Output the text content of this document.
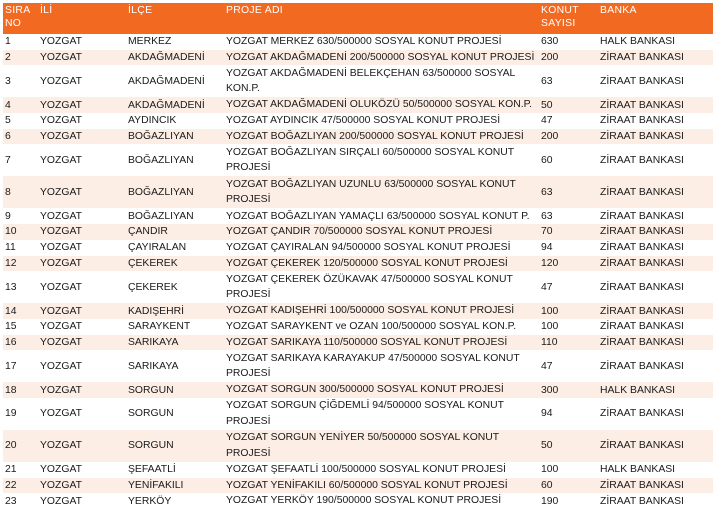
SIRA NO	İLİ	İLÇE	PROJE ADI	KONUT SAYISI	BANKA
1	YOZGAT	MERKEZ	YOZGAT MERKEZ 630/500000 SOSYAL KONUT PROJESİ	630	HALK BANKASI
2	YOZGAT	AKDAĞMADENİ	YOZGAT AKDAĞMADENİ 200/500000 SOSYAL KONUT PROJESİ	200	ZİRAAT BANKASI
3	YOZGAT	AKDAĞMADENİ	YOZGAT AKDAĞMADENİ BELEKÇEHAN 63/500000 SOSYAL KON.P.	63	ZİRAAT BANKASI
4	YOZGAT	AKDAĞMADENİ	YOZGAT AKDAĞMADENİ OLUKÖZÜ 50/500000 SOSYAL KON.P.	50	ZİRAAT BANKASI
5	YOZGAT	AYDINCIK	YOZGAT AYDINCIK 47/500000 SOSYAL KONUT PROJESİ	47	ZİRAAT BANKASI
6	YOZGAT	BOĞAZLIYAN	YOZGAT BOĞAZLIYAN 200/500000 SOSYAL KONUT PROJESİ	200	ZİRAAT BANKASI
7	YOZGAT	BOĞAZLIYAN	YOZGAT BOĞAZLIYAN SIRÇALI 60/500000 SOSYAL KONUT PROJESİ	60	ZİRAAT BANKASI
8	YOZGAT	BOĞAZLIYAN	YOZGAT BOĞAZLIYAN UZUNLU 63/500000 SOSYAL KONUT PROJESİ	63	ZİRAAT BANKASI
9	YOZGAT	BOĞAZLIYAN	YOZGAT BOĞAZLIYAN YAMAÇLI 63/500000 SOSYAL KONUT P.	63	ZİRAAT BANKASI
10	YOZGAT	ÇANDIR	YOZGAT ÇANDIR 70/500000 SOSYAL KONUT PROJESİ	70	ZİRAAT BANKASI
11	YOZGAT	ÇAYIRALAN	YOZGAT ÇAYIRALAN 94/500000 SOSYAL KONUT PROJESİ	94	ZİRAAT BANKASI
12	YOZGAT	ÇEKEREK	YOZGAT ÇEKEREK 120/500000 SOSYAL KONUT PROJESİ	120	ZİRAAT BANKASI
13	YOZGAT	ÇEKEREK	YOZGAT ÇEKEREK ÖZÜKAVAK 47/500000 SOSYAL KONUT PROJESİ	47	ZİRAAT BANKASI
14	YOZGAT	KADIŞEHRİ	YOZGAT KADIŞEHRİ 100/500000 SOSYAL KONUT PROJESİ	100	ZİRAAT BANKASI
15	YOZGAT	SARAYKENT	YOZGAT SARAYKENT ve OZAN 100/500000 SOSYAL KON.P.	100	ZİRAAT BANKASI
16	YOZGAT	SARIKAYA	YOZGAT SARIKAYA 110/500000 SOSYAL KONUT PROJESİ	110	ZİRAAT BANKASI
17	YOZGAT	SARIKAYA	YOZGAT SARIKAYA KARAYAKUP 47/500000 SOSYAL KONUT PROJESİ	47	ZİRAAT BANKASI
18	YOZGAT	SORGUN	YOZGAT SORGUN 300/500000 SOSYAL KONUT PROJESİ	300	HALK BANKASI
19	YOZGAT	SORGUN	YOZGAT SORGUN ÇİĞDEMLİ 94/500000 SOSYAL KONUT PROJESİ	94	ZİRAAT BANKASI
20	YOZGAT	SORGUN	YOZGAT SORGUN YENİYER 50/500000 SOSYAL KONUT PROJESİ	50	ZİRAAT BANKASI
21	YOZGAT	ŞEFAATLİ	YOZGAT ŞEFAATLİ 100/500000 SOSYAL KONUT PROJESİ	100	HALK BANKASI
22	YOZGAT	YENİFAKILI	YOZGAT YENİFAKILI 60/500000 SOSYAL KONUT PROJESİ	60	ZİRAAT BANKASI
23	YOZGAT	YERKÖY	YOZGAT YERKÖY 190/500000 SOSYAL KONUT PROJESİ	190	ZİRAAT BANKASI
